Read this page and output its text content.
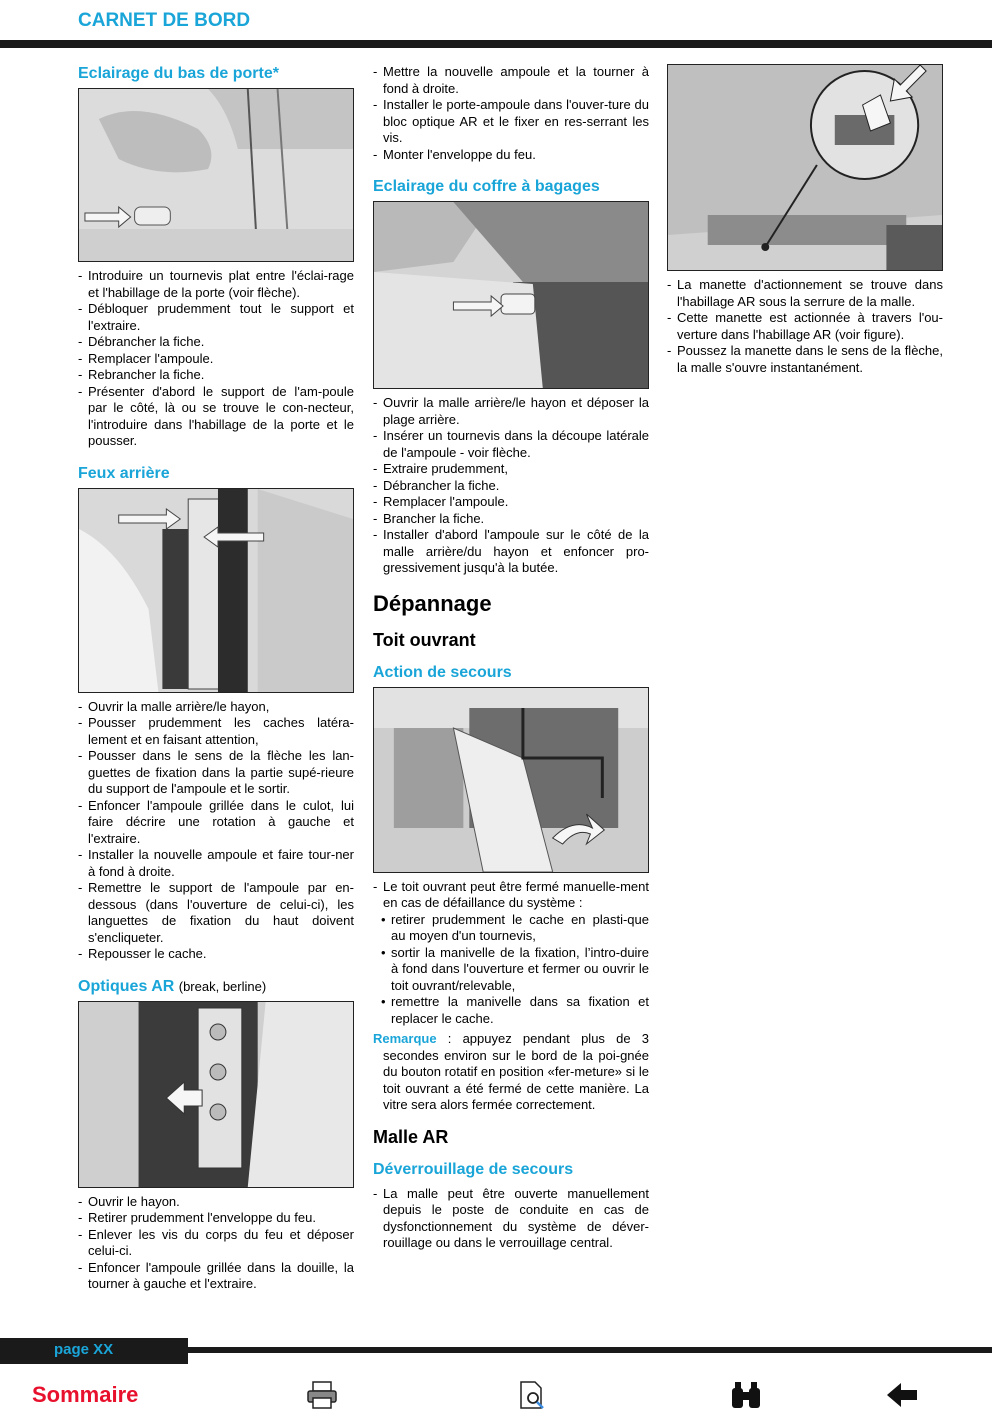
CARNET DE BORD
Eclairage du bas de porte*
- Introduire un tournevis plat entre l'éclai-rage et l'habillage de la porte (voir flèche).
- Débloquer prudemment tout le support et l'extraire.
- Débrancher la fiche.
- Remplacer l'ampoule.
- Rebrancher la fiche.
- Présenter d'abord le support de l'am-poule par le côté, là ou se trouve le con-necteur, l'introduire dans l'habillage de la porte et le pousser.
Feux arrière
- Ouvrir la malle arrière/le hayon,
- Pousser prudemment les caches latéra-lement et en faisant attention,
- Pousser dans le sens de la flèche les lan-guettes de fixation dans la partie supé-rieure du support de l'ampoule et le sortir.
- Enfoncer l'ampoule grillée dans le culot, lui faire décrire une rotation à gauche et l'extraire.
- Installer la nouvelle ampoule et faire tour-ner à fond à droite.
- Remettre le support de l'ampoule par en-dessous (dans l'ouverture de celui-ci), les languettes de fixation du haut doivent s'encliqueter.
- Repousser le cache.
Optiques AR (break, berline)
- Ouvrir le hayon.
- Retirer prudemment l'enveloppe du feu.
- Enlever les vis du corps du feu et déposer celui-ci.
- Enfoncer l'ampoule grillée dans la douille, la tourner à gauche et l'extraire.
- Mettre la nouvelle ampoule et la tourner à fond à droite.
- Installer le porte-ampoule dans l'ouver-ture du bloc optique AR et le fixer en res-serrant les vis.
- Monter l'enveloppe du feu.
Eclairage du coffre à bagages
- Ouvrir la malle arrière/le hayon et déposer la plage arrière.
- Insérer un tournevis dans la découpe latérale de l'ampoule - voir flèche.
- Extraire prudemment,
- Débrancher la fiche.
- Remplacer l'ampoule.
- Brancher la fiche.
- Installer d'abord l'ampoule sur le côté de la malle arrière/du hayon et enfoncer pro-gressivement jusqu'à la butée.
Dépannage
Toit ouvrant
Action de secours
- Le toit ouvrant peut être fermé manuelle-ment en cas de défaillance du système :
• retirer prudemment le cache en plasti-que au moyen d'un tournevis,
• sortir la manivelle de la fixation, l’intro-duire à fond dans l'ouverture et fermer ou ouvrir le toit ouvrant/relevable,
• remettre la manivelle dans sa fixation et replacer le cache.

Remarque : appuyez pendant plus de 3 secondes environ sur le bord de la poi-gnée du bouton rotatif en position «fer-meture» si le toit ouvrant a été fermé de cette manière. La vitre sera alors fermée correctement.

Malle AR
Déverrouillage de secours
- La malle peut être ouverte manuellement depuis le poste de conduite en cas de dysfonctionnement du système de déver-rouillage ou dans le verrouillage central.
- La manette d'actionnement se trouve dans l'habillage AR sous la serrure de la malle.
- Cette manette est actionnée à travers l'ou-verture dans l'habillage AR (voir figure).
- Poussez la manette dans le sens de la flèche, la malle s'ouvre instantanément.
page XX
Sommaire
